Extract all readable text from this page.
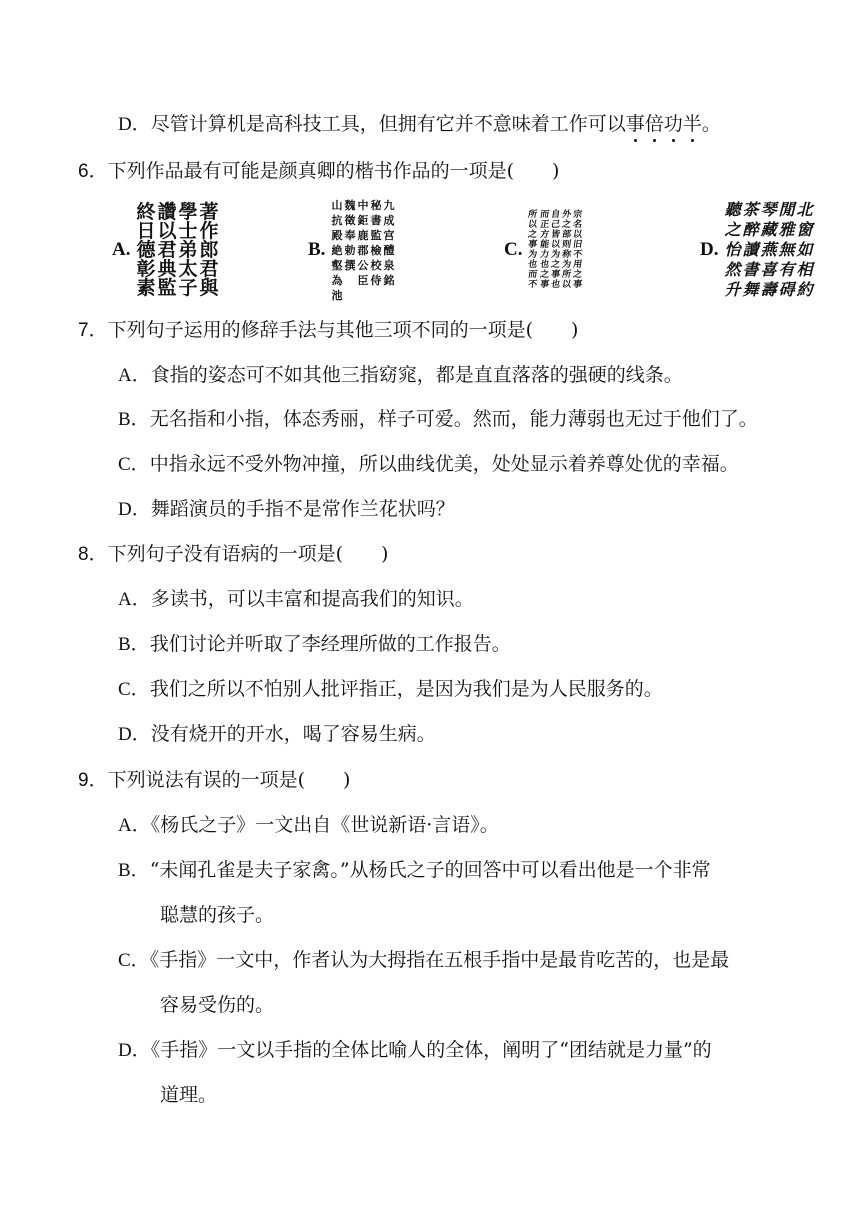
D．尽管计算机是高科技工具，但拥有它并不意味着工作可以事倍功半。
6．下列作品最有可能是颜真卿的楷书作品的一项是(　　)
A.
著
作
郎
君
與
學
士
弟
太
子
讚
以
君
典
監
終
日
德
彰
素
B.
九
成
宫
醴
泉
銘
秘
書
監
檢
校
侍
中
鉅
鹿
郡
公
臣
魏
徵
奉
勅
撰
山
抗
殿
絶
壑
為
池
C.
宗
名
以
旧
不
用
之
事
外
之
部
则
称
为
所
以
自
己
皆
以
为
之
事
也
而
正
方
能
力
也
之
事
所
以
之
事
为
也
而
不
D.
北
窗
如
相
約
閒
雅
無
有
碍
琴
藏
燕
喜
壽
茶
醉
讀
書
舞
聽
之
怡
然
升
7．下列句子运用的修辞手法与其他三项不同的一项是(　　)
A．食指的姿态可不如其他三指窈窕，都是直直落落的强硬的线条。
B．无名指和小指，体态秀丽，样子可爱。然而，能力薄弱也无过于他们了。
C．中指永远不受外物冲撞，所以曲线优美，处处显示着养尊处优的幸福。
D．舞蹈演员的手指不是常作兰花状吗？
8．下列句子没有语病的一项是(　　)
A．多读书，可以丰富和提高我们的知识。
B．我们讨论并听取了李经理所做的工作报告。
C．我们之所以不怕别人批评指正，是因为我们是为人民服务的。
D．没有烧开的开水，喝了容易生病。
9．下列说法有误的一项是(　　)
A．《杨氏之子》一文出自《世说新语·言语》。
B．“未闻孔雀是夫子家禽。”从杨氏之子的回答中可以看出他是一个非常
聪慧的孩子。
C．《手指》一文中，作者认为大拇指在五根手指中是最肯吃苦的，也是最
容易受伤的。
D．《手指》一文以手指的全体比喻人的全体，阐明了“团结就是力量”的
道理。
